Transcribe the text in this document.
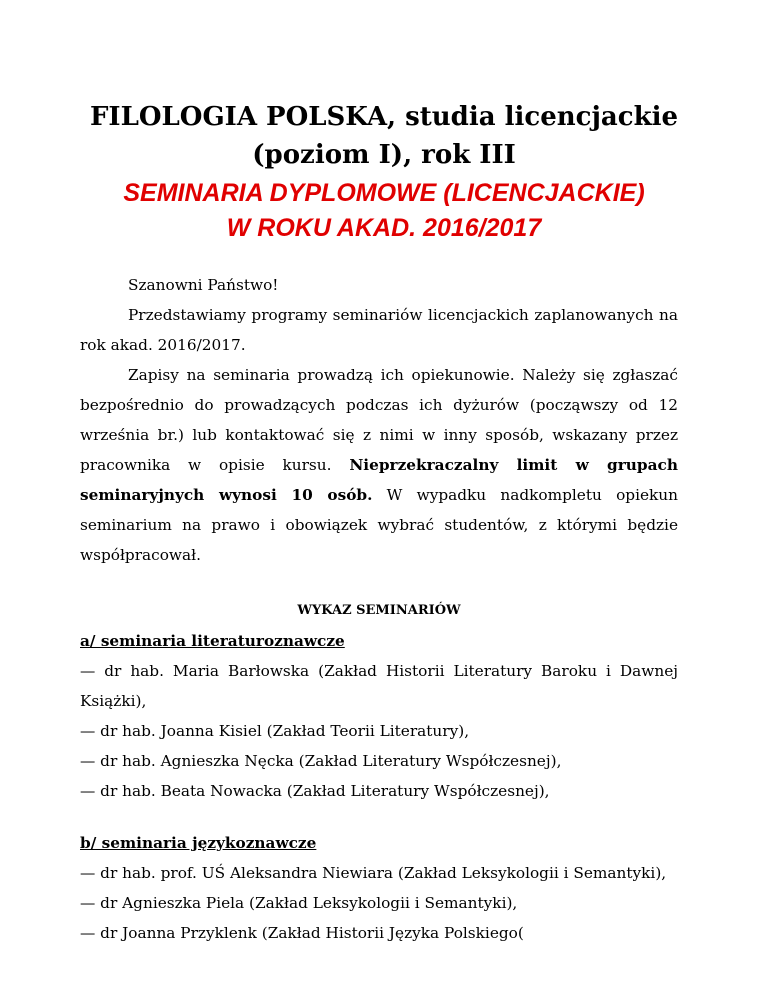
FILOLOGIA POLSKA, studia licencjackie
(poziom I), rok III
SEMINARIA DYPLOMOWE (LICENCJACKIE)
W ROKU AKAD. 2016/2017

Szanowni Państwo!

Przedstawiamy programy seminariów licencjackich zaplanowanych na rok akad. 2016/2017.

Zapisy na seminaria prowadzą ich opiekunowie. Należy się zgłaszać bezpośrednio do prowadzących podczas ich dyżurów (począwszy od 12 września br.) lub kontaktować się z nimi w inny sposób, wskazany przez pracownika w opisie kursu. Nieprzekraczalny limit w grupach seminaryjnych wynosi 10 osób. W wypadku nadkompletu opiekun seminarium na prawo i obowiązek wybrać studentów, z którymi będzie współpracował.

WYKAZ SEMINARIÓW

a/ seminaria literaturoznawcze

— dr hab. Maria Barłowska (Zakład Historii Literatury Baroku i Dawnej Książki),

— dr hab. Joanna Kisiel (Zakład Teorii Literatury),

— dr hab. Agnieszka Nęcka (Zakład Literatury Współczesnej),

— dr hab. Beata Nowacka (Zakład Literatury Współczesnej),

b/ seminaria językoznawcze

— dr hab. prof. UŚ Aleksandra Niewiara (Zakład Leksykologii i Semantyki),

— dr Agnieszka Piela (Zakład Leksykologii i Semantyki),

— dr Joanna Przyklenk (Zakład Historii Języka Polskiego(
